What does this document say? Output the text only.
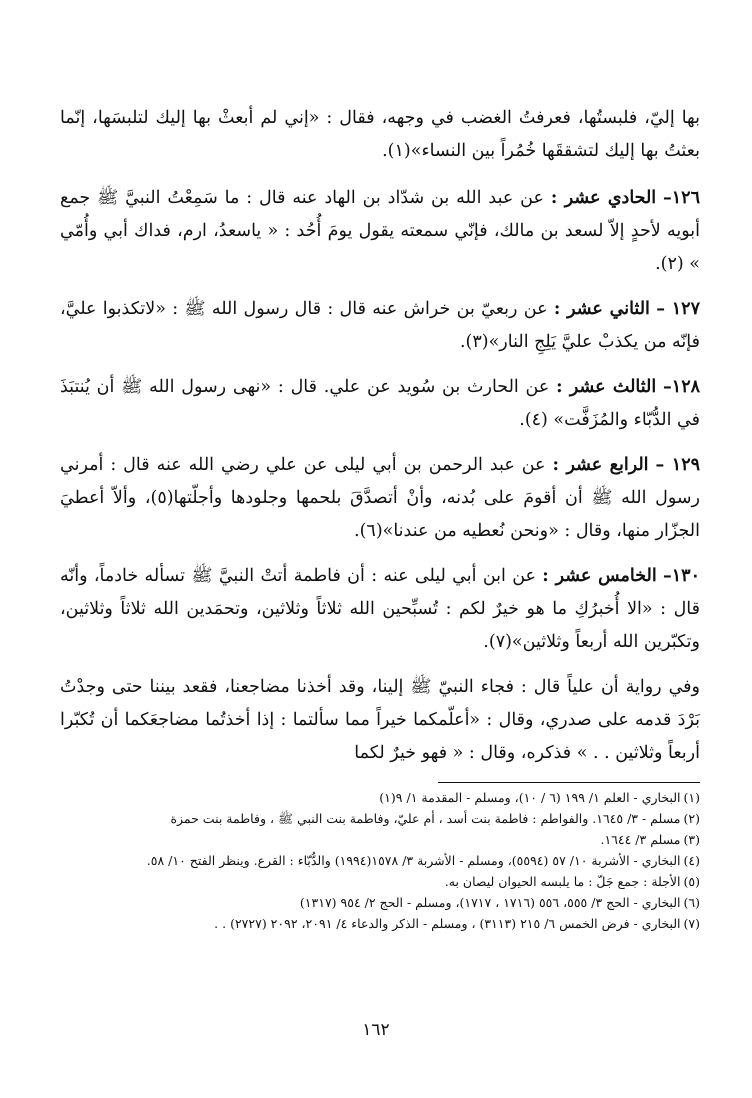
بها إليّ، فلبستُها، فعرفتُ الغضب في وجهه، فقال : «إني لم أبعثْ بها إليك لتلبسَها، إنّما بعثتُ بها إليك لتشققَها خُمُراً بين النساء»(١).

١٢٦– الحادي عشر : عن عبد الله بن شدّاد بن الهاد عنه قال : ما سَمِعْتُ النبيَّ ﷺ جمع أبويه لأحدٍ إلاّ لسعد بن مالك، فإنّي سمعته يقول يومَ أُحُد : « ياسعدُ، ارم، فداك أبي وأُمّي » (٢).

١٢٧ – الثاني عشر : عن ربعيّ بن خراش عنه قال : قال رسول الله ﷺ : «لاتكذبوا عليَّ، فإنّه من يكذبْ عليَّ يَلِجِ النار»(٣).

١٢٨– الثالث عشر : عن الحارث بن سُويد عن علي. قال : «نهى رسول الله ﷺ أن يُنتبَذَ في الدُّبّاء والمُزَفَّت» (٤).

١٢٩ – الرابع عشر : عن عبد الرحمن بن أبي ليلى عن علي رضي الله عنه قال : أمرني رسول الله ﷺ أن أقومَ على بُدنه، وأنْ أتصدَّقَ بلحمها وجلودها وأجلّتها(٥)، وألاّ أعطيَ الجزّار منها، وقال : «ونحن نُعطيه من عندنا»(٦).

١٣٠– الخامس عشر : عن ابن أبي ليلى عنه : أن فاطمة أتتْ النبيَّ ﷺ تسأله خادماً، وأنّه قال : «الا أُخبرُكِ ما هو خيرٌ لكم : تُسبِّحين الله ثلاثاً وثلاثين، وتحمَدين الله ثلاثاً وثلاثين، وتكبّرين الله أربعاً وثلاثين»(٧).

وفي رواية أن علياً قال : فجاء النبيّ ﷺ إلينا، وقد أخذنا مضاجعنا، فقعد بيننا حتى وجدْتُ بَرْدَ قدمه على صدري، وقال : «أعلّمكما خيراً مما سألتما : إذا أخذتُما مضاجعَكما أن تُكبّرا أربعاً وثلاثين . . » فذكره، وقال : « فهو خيرٌ لكما

(١)البخاري - العلم ١/ ١٩٩ (٦ / ١٠)، ومسلم - المقدمة ١/ ٩(١)

(٢)مسلم - ٣/ ١٦٤٥. والفواطم : فاطمة بنت أسد ، أم عليّ، وفاطمة بنت النبي ﷺ ، وفاطمة بنت حمزة

(٣)مسلم ٣/ ١٦٤٤.

(٤)البخاري - الأشربة ١٠/ ٥٧ (٥٥٩٤)، ومسلم - الأشربة ٣/ ١٥٧٨(١٩٩٤) والدُّبّاء : القرع. وينظر الفتح ١٠/ ٥٨.

(٥)الأجلة : جمع جَلّ : ما يلبسه الحيوان ليصان به.

(٦)البخاري - الحج ٣/ ٥٥٥، ٥٥٦ (١٧١٦ ، ١٧١٧)، ومسلم - الحج ٢/ ٩٥٤ (١٣١٧)

(٧)البخاري - فرض الخمس ٦/ ٢١٥ (٣١١٣) ، ومسلم - الذكر والدعاء ٤/ ٢٠٩١، ٢٠٩٢ (٢٧٢٧) . .

١٦٢
